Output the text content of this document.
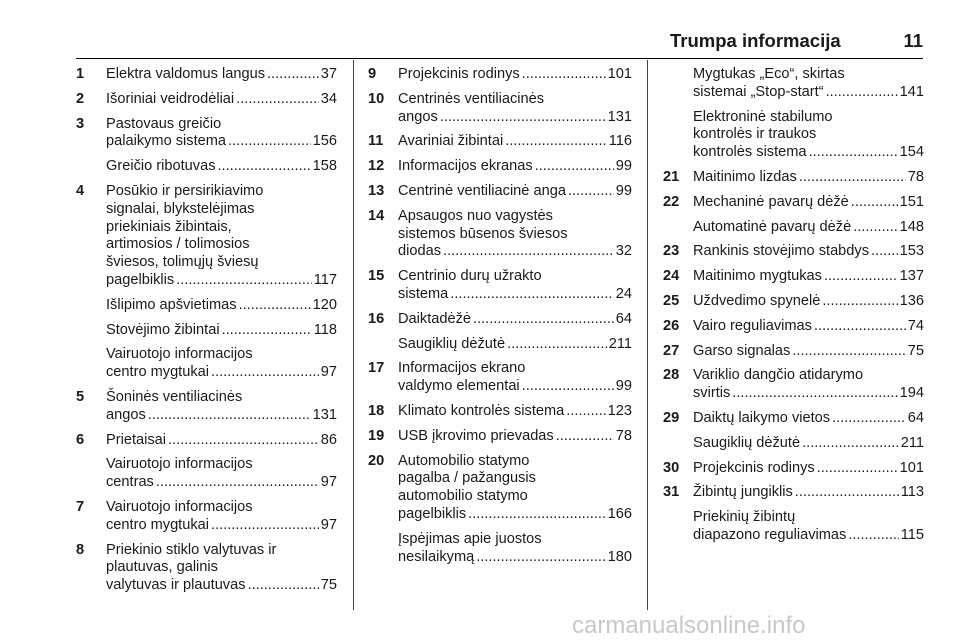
Trumpa informacija	11
1 Elektra valdomus langus .....	37
2 Išoriniai veidrodėliai .....	34
3 Pastovaus greičio
palaikymo sistema .....	156
Greičio ribotuvas .....	158
4 Posūkio ir persirikiavimo
signalai, blykstelėjimas
priekiniais žibintais,
artimosios / tolimosios
šviesos, tolimųjų šviesų
pagelbiklis .....	117
Išlipimo apšvietimas .....	120
Stovėjimo žibintai .....	118
Vairuotojo informacijos
centro mygtukai .....	97
5 Šoninės ventiliacinės
angos .....	131
6 Prietaisai .....	86
Vairuotojo informacijos
centras .....	97
7 Vairuotojo informacijos
centro mygtukai .....	97
8 Priekinio stiklo valytuvas ir
plautuvas, galinis
valytuvas ir plautuvas .....	75
9 Projekcinis rodinys .....	101
10 Centrinės ventiliacinės
angos .....	131
11 Avariniai žibintai .....	116
12 Informacijos ekranas .....	99
13 Centrinė ventiliacinė anga .....	99
14 Apsaugos nuo vagystės
sistemos būsenos šviesos
diodas .....	32
15 Centrinio durų užrakto
sistema .....	24
16 Daiktadėžė .....	64
Saugiklių dėžutė .....	211
17 Informacijos ekrano
valdymo elementai .....	99
18 Klimato kontrolės sistema .....	123
19 USB įkrovimo prievadas .....	78
20 Automobilio statymo
pagalba / pažangusis
automobilio statymo
pagelbiklis .....	166
Įspėjimas apie juostos
nesilaikymą .....	180
Mygtukas „Eco“, skirtas
sistemai „Stop-start“ .....	141
Elektroninė stabilumo
kontrolės ir traukos
kontrolės sistema .....	154
21 Maitinimo lizdas .....	78
22 Mechaninė pavarų dėžė .....	151
Automatinė pavarų dėžė .....	148
23 Rankinis stovėjimo stabdys ..... 153
24 Maitinimo mygtukas .....	137
25 Uždvedimo spynelė .....	136
26 Vairo reguliavimas .....	74
27 Garso signalas .....	75
28 Variklio dangčio atidarymo
svirtis .....	194
29 Daiktų laikymo vietos .....	64
Saugiklių dėžutė .....	211
30 Projekcinis rodinys .....	101
31 Žibintų jungiklis .....	113
Priekinių žibintų
diapazono reguliavimas .....	115
carmanualsonline.info
